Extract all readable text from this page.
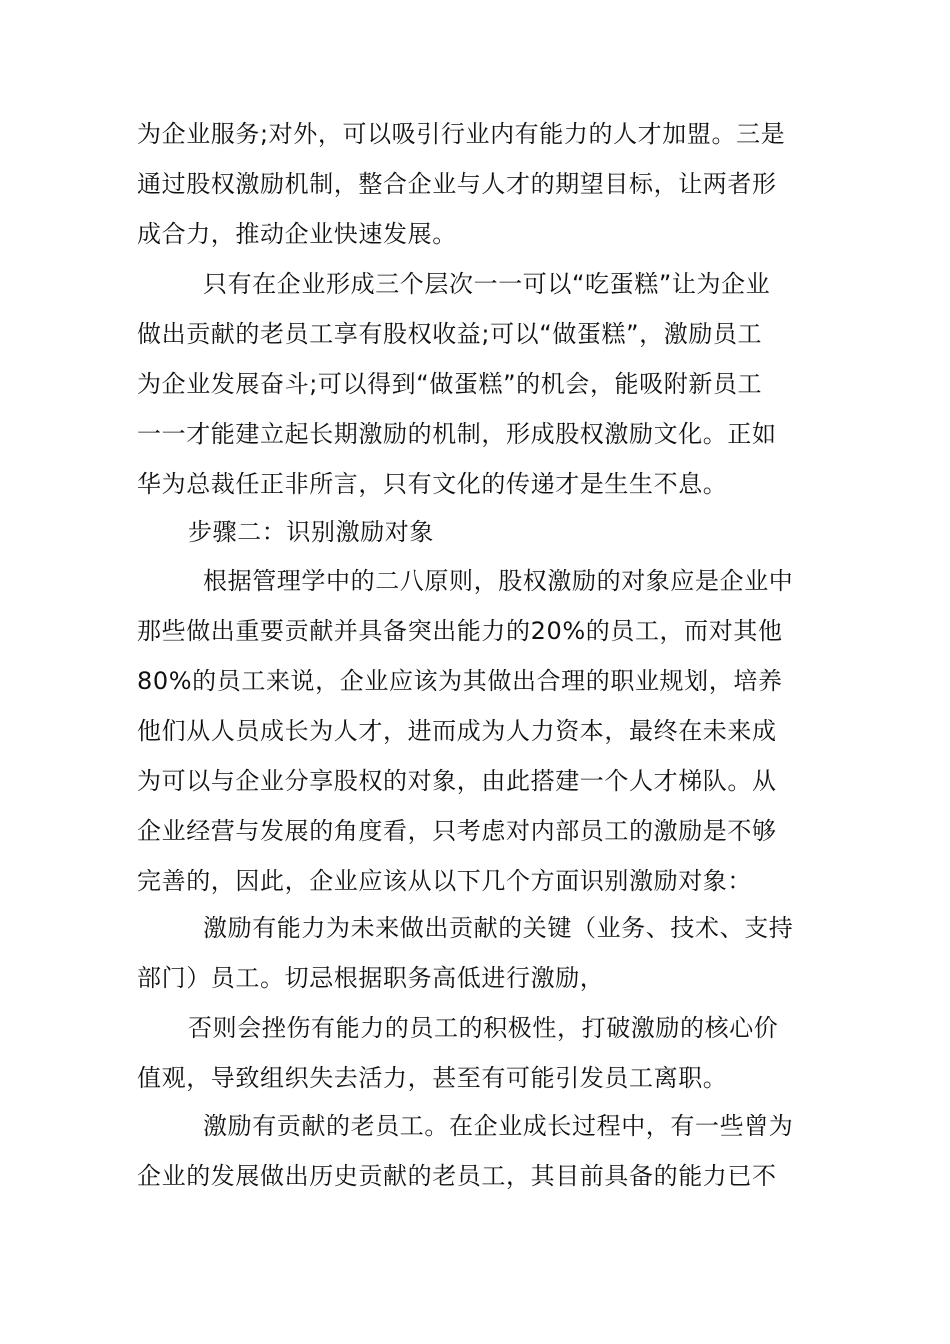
为企业服务;对外，可以吸引行业内有能力的人才加盟。三是
通过股权激励机制，整合企业与人才的期望目标，让两者形
成合力，推动企业快速发展。
只有在企业形成三个层次一一可以“吃蛋糕”让为企业
做出贡献的老员工享有股权收益;可以“做蛋糕”，激励员工
为企业发展奋斗;可以得到“做蛋糕”的机会，能吸附新员工
一一才能建立起长期激励的机制，形成股权激励文化。正如
华为总裁任正非所言，只有文化的传递才是生生不息。
步骤二：识别激励对象
根据管理学中的二八原则，股权激励的对象应是企业中
那些做出重要贡献并具备突出能力的20%的员工，而对其他
80%的员工来说，企业应该为其做出合理的职业规划，培养
他们从人员成长为人才，进而成为人力资本，最终在未来成
为可以与企业分享股权的对象，由此搭建一个人才梯队。从
企业经营与发展的角度看，只考虑对内部员工的激励是不够
完善的，因此，企业应该从以下几个方面识别激励对象：
激励有能力为未来做出贡献的关键（业务、技术、支持
部门）员工。切忌根据职务高低进行激励，
否则会挫伤有能力的员工的积极性，打破激励的核心价
值观，导致组织失去活力，甚至有可能引发员工离职。
激励有贡献的老员工。在企业成长过程中，有一些曾为
企业的发展做出历史贡献的老员工，其目前具备的能力已不
